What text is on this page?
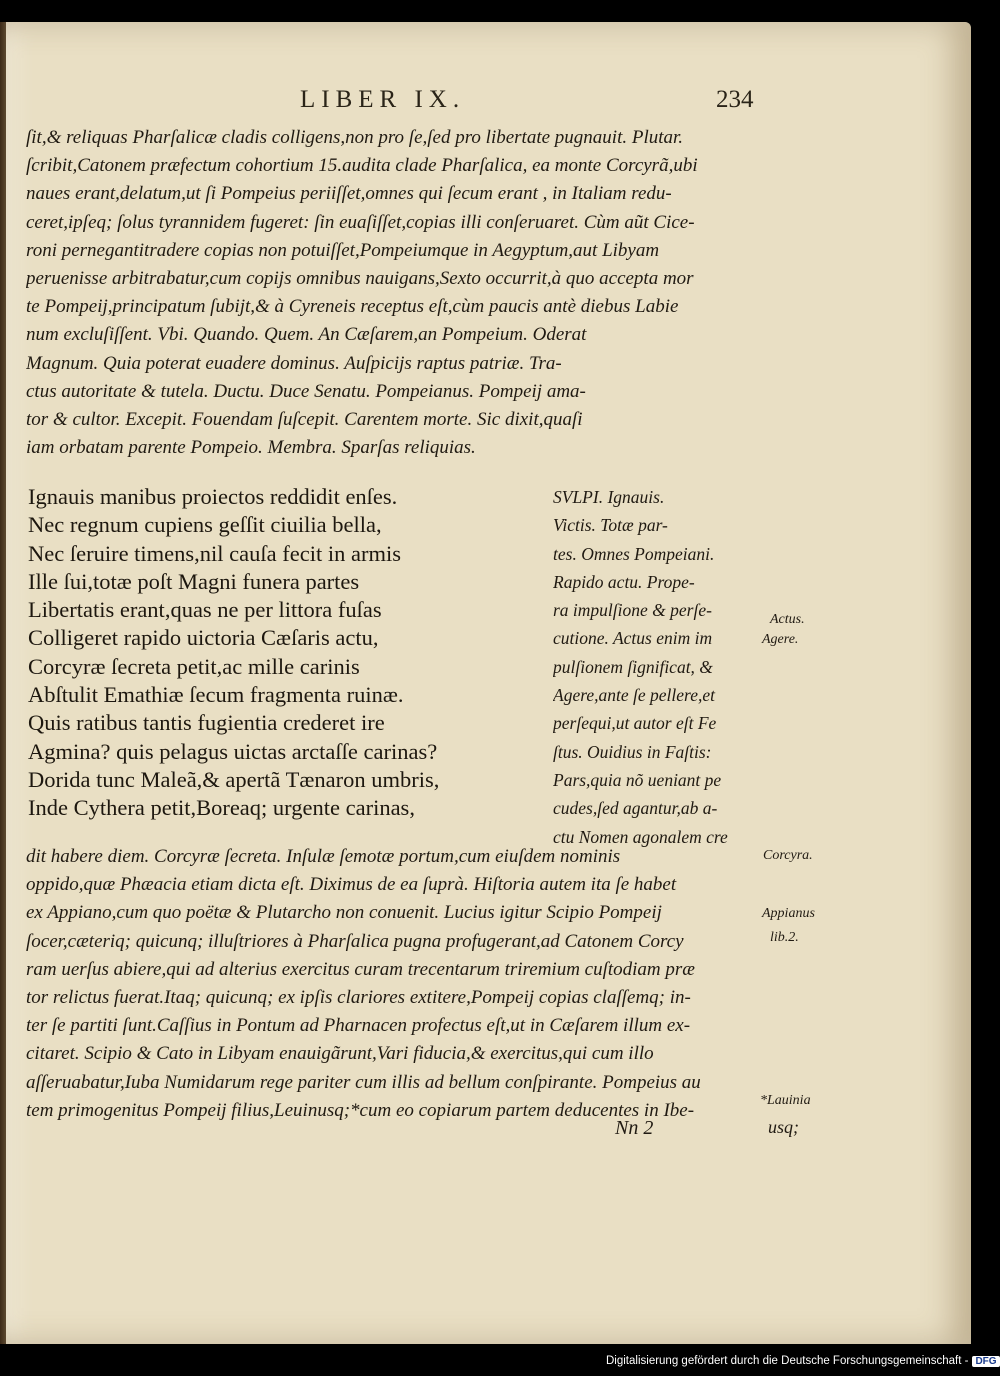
LIBER IX.	234
ſit,& reliquas Pharſalicæ cladis colligens,non pro ſe,ſed pro libertate pugnauit. Plutar.
ſcribit,Catonem præfectum cohortium 15.audita clade Pharſalica, ea monte Corcyrã,ubi
naues erant,delatum,ut ſi Pompeius periiſſet,omnes qui ſecum erant , in Italiam redu-
ceret,ipſeq; ſolus tyrannidem fugeret: ſin euaſiſſet,copias illi conſeruaret. Cùm aũt Cice-
roni pernegantitradere copias non potuiſſet,Pompeiumque in Aegyptum,aut Libyam
peruenisse arbitrabatur,cum copijs omnibus nauigans,Sexto occurrit,à quo accepta mor
te Pompeij,principatum ſubijt,& à Cyreneis receptus eſt,cùm paucis antè diebus Labie
num excluſiſſent. Vbi. Quando. Quem. An Cæſarem,an Pompeium. Oderat
Magnum. Quia poterat euadere dominus. Auſpicijs raptus patriæ. Tra-
ctus autoritate & tutela. Ductu. Duce Senatu. Pompeianus. Pompeij ama-
tor & cultor. Excepit. Fouendam ſuſcepit. Carentem morte. Sic dixit,quaſi
iam orbatam parente Pompeio. Membra. Sparſas reliquias.
Ignauis manibus proiectos reddidit enſes.
Nec regnum cupiens geſſit ciuilia bella,
Nec ſeruire timens,nil cauſa fecit in armis
Ille ſui,totæ poſt Magni funera partes
Libertatis erant,quas ne per littora fuſas
Colligeret rapido uictoria Cæſaris actu,
Corcyræ ſecreta petit,ac mille carinis
Abſtulit Emathiæ ſecum fragmenta ruinæ.
Quis ratibus tantis fugientia crederet ire
Agmina? quis pelagus uictas arctaſſe carinas?
Dorida tunc Maleã,& apertã Tænaron umbris,
Inde Cythera petit,Boreaq; urgente carinas,
SVLPI. Ignauis.
Victis. Totæ par-
tes. Omnes Pompeiani.
Rapido actu. Prope-
ra impulſione & perſe-
cutione. Actus enim im
pulſionem ſignificat, &
Agere,ante ſe pellere,et
perſequi,ut autor eſt Fe
ſtus. Ouidius in Faſtis:
Pars,quia nõ ueniant pe
cudes,ſed agantur,ab a-
ctu Nomen agonalem cre
dit habere diem. Corcyræ ſecreta. Inſulæ ſemotæ portum,cum eiuſdem nominis
oppido,quæ Phæacia etiam dicta eſt. Diximus de ea ſuprà. Hiſtoria autem ita ſe habet
ex Appiano,cum quo poëtæ & Plutarcho non conuenit. Lucius igitur Scipio Pompeij
ſocer,cæteriq; quicunq; illuſtriores à Pharſalica pugna profugerant,ad Catonem Corcy
ram uerſus abiere,qui ad alterius exercitus curam trecentarum triremium cuſtodiam præ
tor relictus fuerat.Itaq; quicunq; ex ipſis clariores extitere,Pompeij copias claſſemq; in-
ter ſe partiti ſunt.Caſſius in Pontum ad Pharnacen profectus eſt,ut in Cæſarem illum ex-
citaret. Scipio & Cato in Libyam enauigãrunt,Vari fiducia,& exercitus,qui cum illo
aſſeruabatur,Iuba Numidarum rege pariter cum illis ad bellum conſpirante. Pompeius au
tem primogenitus Pompeij filius,Leuinusq;*cum eo copiarum partem deducentes in Ibe-
Actus.
Agere.
Corcyra.
Appianus
lib.2.
*Lauinia
Nn 2	usq;
Digitalisierung gefördert durch die Deutsche Forschungsgemeinschaft - DFG
